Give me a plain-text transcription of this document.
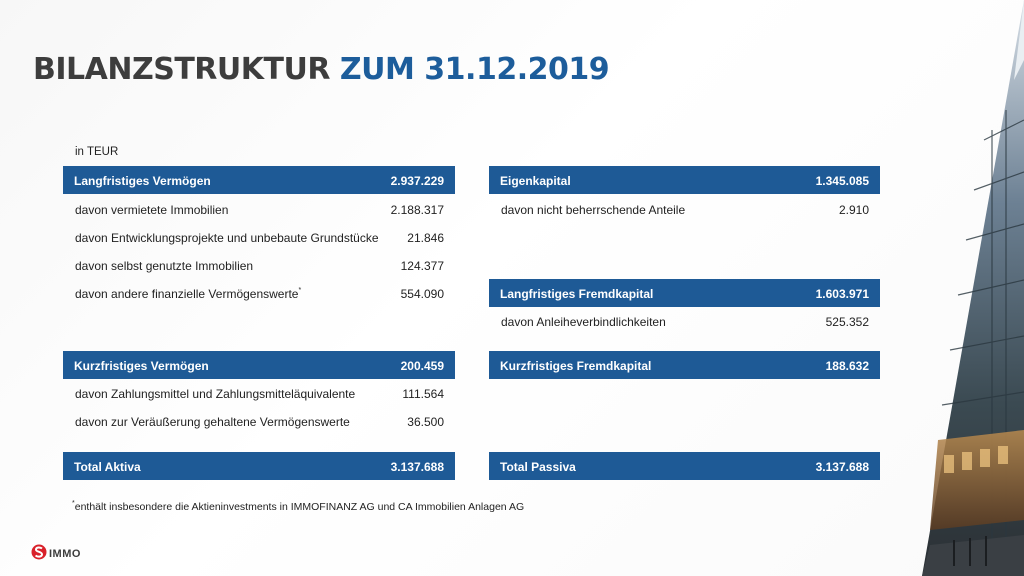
BILANZSTRUKTUR ZUM 31.12.2019
in TEUR
Langfristiges Vermögen	2.937.229
davon vermietete Immobilien	2.188.317
davon Entwicklungsprojekte und unbebaute Grundstücke 21.846
davon selbst genutzte Immobilien	124.377
davon andere finanzielle Vermögenswerte*	554.090
Kurzfristiges Vermögen	200.459
davon Zahlungsmittel und Zahlungsmitteläquivalente	111.564
davon zur Veräußerung gehaltene Vermögenswerte	36.500
Total Aktiva	3.137.688
Eigenkapital	1.345.085
davon nicht beherrschende Anteile	2.910
Langfristiges Fremdkapital	1.603.971
davon Anleiheverbindlichkeiten	525.352
Kurzfristiges Fremdkapital	188.632
Total Passiva	3.137.688
*enthält insbesondere die Aktieninvestments in IMMOFINANZ AG und CA Immobilien Anlagen AG
IMMO
